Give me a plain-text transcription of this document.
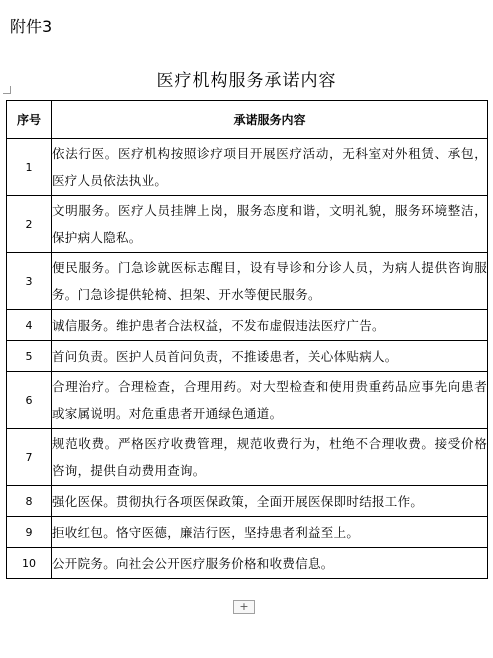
附件3
医疗机构服务承诺内容
序号	承诺服务内容
1	依法行医。医疗机构按照诊疗项目开展医疗活动，无科室对外租赁、承包，医疗人员依法执业。
2	文明服务。医疗人员挂牌上岗，服务态度和谐，文明礼貌，服务环境整洁，保护病人隐私。
3	便民服务。门急诊就医标志醒目，设有导诊和分诊人员，为病人提供咨询服务。门急诊提供轮椅、担架、开水等便民服务。
4	诚信服务。维护患者合法权益，不发布虚假违法医疗广告。
5	首问负责。医护人员首问负责，不推诿患者，关心体贴病人。
6	合理治疗。合理检查，合理用药。对大型检查和使用贵重药品应事先向患者或家属说明。对危重患者开通绿色通道。
7	规范收费。严格医疗收费管理，规范收费行为，杜绝不合理收费。接受价格咨询，提供自动费用查询。
8	强化医保。贯彻执行各项医保政策，全面开展医保即时结报工作。
9	拒收红包。恪守医德，廉洁行医，坚持患者利益至上。
10	公开院务。向社会公开医疗服务价格和收费信息。
+
